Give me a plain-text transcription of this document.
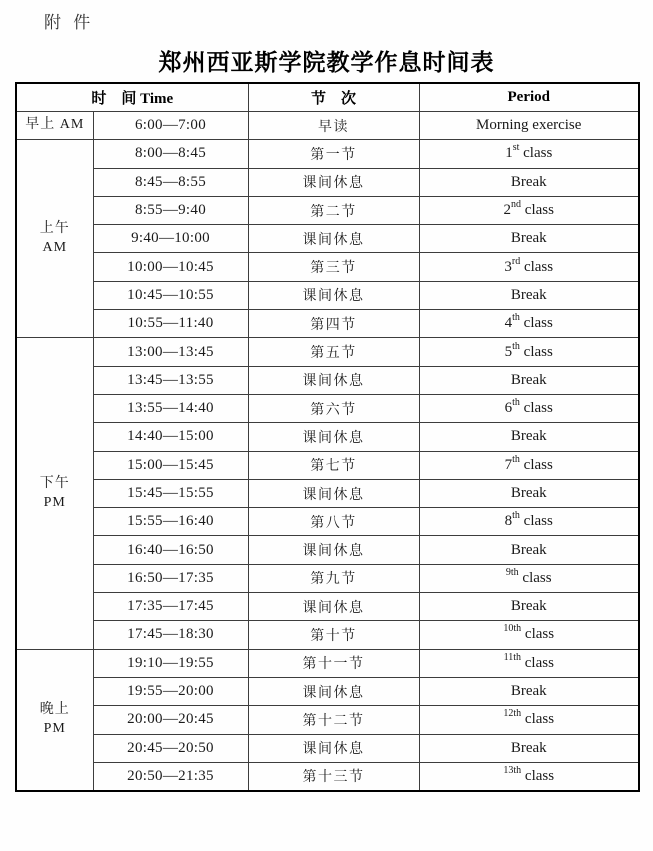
附 件
郑州西亚斯学院教学作息时间表
时　间 Time		节　次	Period
早上 AM	6:00—7:00	早读	Morning exercise
上午
AM	8:00—8:45	第一节	1st class
	8:45—8:55	课间休息	Break
	8:55—9:40	第二节	2nd class
	9:40—10:00	课间休息	Break
	10:00—10:45	第三节	3rd class
	10:45—10:55	课间休息	Break
	10:55—11:40	第四节	4th class
下午
PM	13:00—13:45	第五节	5th class
	13:45—13:55	课间休息	Break
	13:55—14:40	第六节	6th class
	14:40—15:00	课间休息	Break
	15:00—15:45	第七节	7th class
	15:45—15:55	课间休息	Break
	15:55—16:40	第八节	8th class
	16:40—16:50	课间休息	Break
	16:50—17:35	第九节	$^{9th}$ class
	17:35—17:45	课间休息	Break
	17:45—18:30	第十节	$^{10th}$ class
晚上
PM	19:10—19:55	第十一节	$^{11th}$ class
	19:55—20:00	课间休息	Break
	20:00—20:45	第十二节	$^{12th}$ class
	20:45—20:50	课间休息	Break
	20:50—21:35	第十三节	$^{13th}$ class
